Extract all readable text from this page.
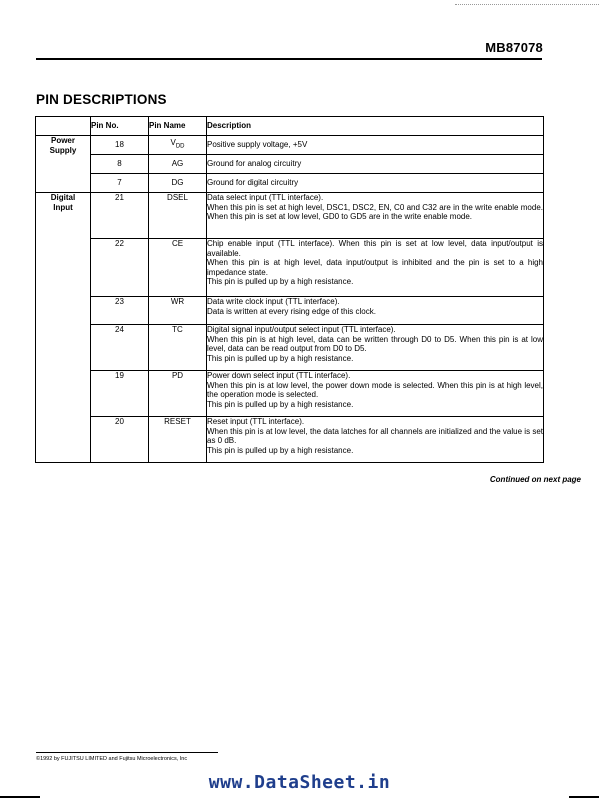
MB87078
PIN DESCRIPTIONS
	Pin No.	Pin Name	Description

Power
Supply	18	$V_{DD}$	Positive supply voltage, +5V

	8	AG	Ground for analog circuitry

	7	DG	Ground for digital circuitry

Digital
Input	21	DSEL	Data select input (TTL interface).
When this pin is set at high level, DSC1, DSC2, EN, C0 and C32 are in the write enable mode. When this pin is set at low level, GD0 to GD5 are in the write enable mode.

	22	$\overline{CE}$	Chip enable input (TTL interface). When this pin is set at low level, data input/output is available.
When this pin is at high level, data input/output is inhibited and the pin is set to a high impedance state.
This pin is pulled up by a high resistance.

	23	$\overline{WR}$	Data write clock input (TTL interface).
Data is written at every rising edge of this clock.

	24	$\overline{TC}$	Digital signal input/output select input (TTL interface).
When this pin is at high level, data can be written through D0 to D5. When this pin is at low level, data can be read output from D0 to D5.
This pin is pulled up by a high resistance.

	19	$\overline{PD}$	Power down select input (TTL interface).
When this pin is at low level, the power down mode is selected. When this pin is at high level, the operation mode is selected.
This pin is pulled up by a high resistance.

	20	RESET	Reset input (TTL interface).
When this pin is at low level, the data latches for all channels are initialized and the value is set as 0 dB.
This pin is pulled up by a high resistance.
Continued on next page
©1992 by FUJITSU LIMITED and Fujitsu Microelectronics, Inc
www.DataSheet.in
